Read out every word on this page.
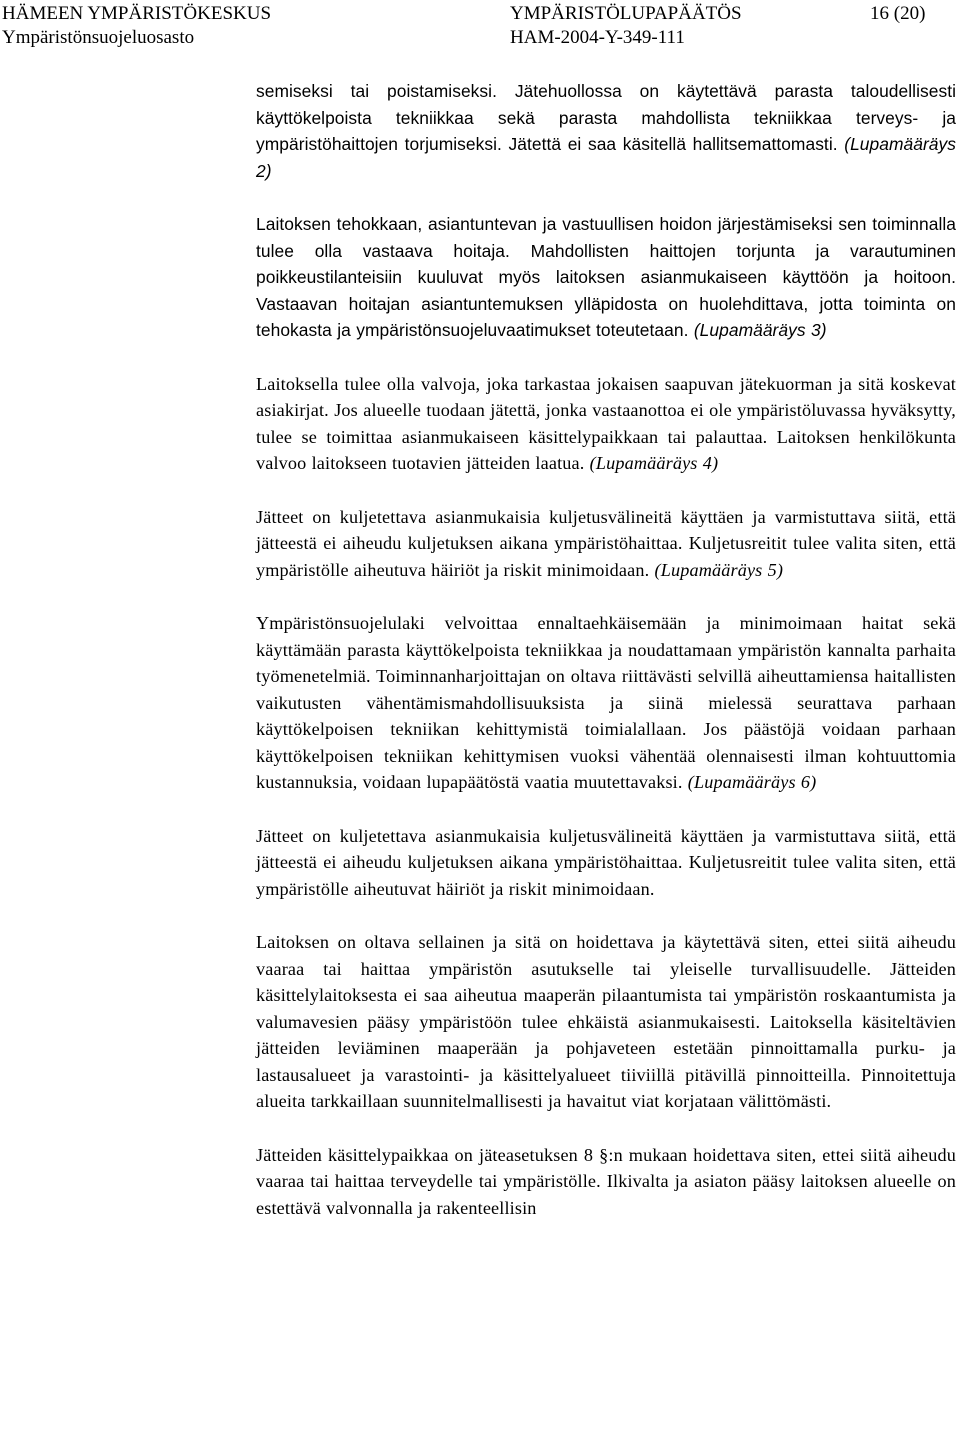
HÄMEEN YMPÄRISTÖKESKUS
Ympäristönsuojeluosasto
YMPÄRISTÖLUPAPÄÄTÖS
HAM-2004-Y-349-111
16 (20)

semiseksi tai poistamiseksi. Jätehuollossa on käytettävä parasta taloudellisesti käyttökelpoista tekniikkaa sekä parasta mahdollista tekniikkaa terveys- ja ympäristöhaittojen torjumiseksi. Jätettä ei saa käsitellä hallitsemattomasti. (Lupamääräys 2)

Laitoksen tehokkaan, asiantuntevan ja vastuullisen hoidon järjestämiseksi sen toiminnalla tulee olla vastaava hoitaja. Mahdollisten haittojen torjunta ja varautuminen poikkeustilanteisiin kuuluvat myös laitoksen asianmukaiseen käyttöön ja hoitoon. Vastaavan hoitajan asiantuntemuksen ylläpidosta on huolehdittava, jotta toiminta on tehokasta ja ympäristönsuojeluvaatimukset toteutetaan. (Lupamääräys 3)

Laitoksella tulee olla valvoja, joka tarkastaa jokaisen saapuvan jätekuorman ja sitä koskevat asiakirjat. Jos alueelle tuodaan jätettä, jonka vastaanottoa ei ole ympäristöluvassa hyväksytty, tulee se toimittaa asianmukaiseen käsittelypaikkaan tai palauttaa. Laitoksen henkilökunta valvoo laitokseen tuotavien jätteiden laatua. (Lupamääräys 4)

Jätteet on kuljetettava asianmukaisia kuljetusvälineitä käyttäen ja varmistuttava siitä, että jätteestä ei aiheudu kuljetuksen aikana ympäristöhaittaa. Kuljetusreitit tulee valita siten, että ympäristölle aiheutuva häiriöt ja riskit minimoidaan. (Lupamääräys 5)

Ympäristönsuojelulaki velvoittaa ennaltaehkäisemään ja minimoimaan haitat sekä käyttämään parasta käyttökelpoista tekniikkaa ja noudattamaan ympäristön kannalta parhaita työmenetelmiä. Toiminnanharjoittajan on oltava riittävästi selvillä aiheuttamiensa haitallisten vaikutusten vähentämismahdollisuuksista ja siinä mielessä seurattava parhaan käyttökelpoisen tekniikan kehittymistä toimialallaan. Jos päästöjä voidaan parhaan käyttökelpoisen tekniikan kehittymisen vuoksi vähentää olennaisesti ilman kohtuuttomia kustannuksia, voidaan lupapäätöstä vaatia muutettavaksi. (Lupamääräys 6)

Jätteet on kuljetettava asianmukaisia kuljetusvälineitä käyttäen ja varmistuttava siitä, että jätteestä ei aiheudu kuljetuksen aikana ympäristöhaittaa. Kuljetusreitit tulee valita siten, että ympäristölle aiheutuvat häiriöt ja riskit minimoidaan.

Laitoksen on oltava sellainen ja sitä on hoidettava ja käytettävä siten, ettei siitä aiheudu vaaraa tai haittaa ympäristön asutukselle tai yleiselle turvallisuudelle. Jätteiden käsittelylaitoksesta ei saa aiheutua maaperän pilaantumista tai ympäristön roskaantumista ja valumavesien pääsy ympäristöön tulee ehkäistä asianmukaisesti. Laitoksella käsiteltävien jätteiden leviäminen maaperään ja pohjaveteen estetään pinnoittamalla purku- ja lastausalueet ja varastointi- ja käsittelyalueet tiiviillä pitävillä pinnoitteilla. Pinnoitettuja alueita tarkkaillaan suunnitelmallisesti ja havaitut viat korjataan välittömästi.

Jätteiden käsittelypaikkaa on jäteasetuksen 8 §:n mukaan hoidettava siten, ettei siitä aiheudu vaaraa tai haittaa terveydelle tai ympäristölle. Ilkivalta ja asiaton pääsy laitoksen alueelle on estettävä valvonnalla ja rakenteellisin
